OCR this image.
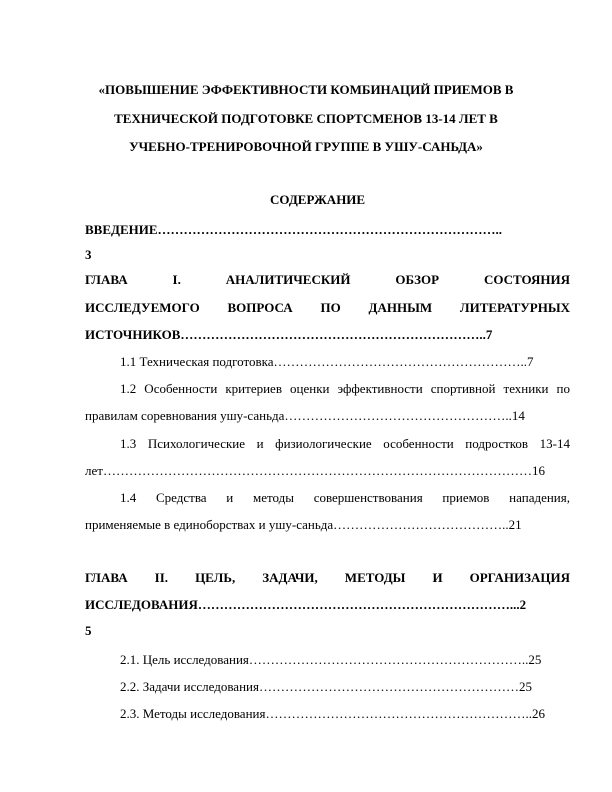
«ПОВЫШЕНИЕ ЭФФЕКТИВНОСТИ КОМБИНАЦИЙ ПРИЕМОВ В
ТЕХНИЧЕСКОЙ ПОДГОТОВКЕ СПОРТСМЕНОВ 13-14 ЛЕТ В
УЧЕБНО-ТРЕНИРОВОЧНОЙ ГРУППЕ В УШУ-САНЬДА»
СОДЕРЖАНИЕ
ВВЕДЕНИЕ……………………………………………………………………..
3
ГЛАВА I. АНАЛИТИЧЕСКИЙ ОБЗОР СОСТОЯНИЯ
ИССЛЕДУЕМОГО ВОПРОСА ПО ДАННЫМ ЛИТЕРАТУРНЫХ
ИСТОЧНИКОВ……………………………………………………………..7
1.1 Техническая подготовка…………………………………………………..7
1.2 Особенности критериев оценки эффективности спортивной техники по
правилам соревнования ушу-саньда……………………………………………..14
1.3 Психологические и физиологические особенности подростков 13-14
лет………………………………………………………………………………………16
1.4 Средства и методы совершенствования приемов нападения,
применяемые в единоборствах и ушу-саньда…………………………………..21
ГЛАВА II. ЦЕЛЬ, ЗАДАЧИ, МЕТОДЫ И ОРГАНИЗАЦИЯ
ИССЛЕДОВАНИЯ………………………………………………………………...2
5
2.1. Цель исследования………………………………………………………..25
2.2. Задачи исследования……………………………………………………25
2.3. Методы исследования……………………………………………………..26
